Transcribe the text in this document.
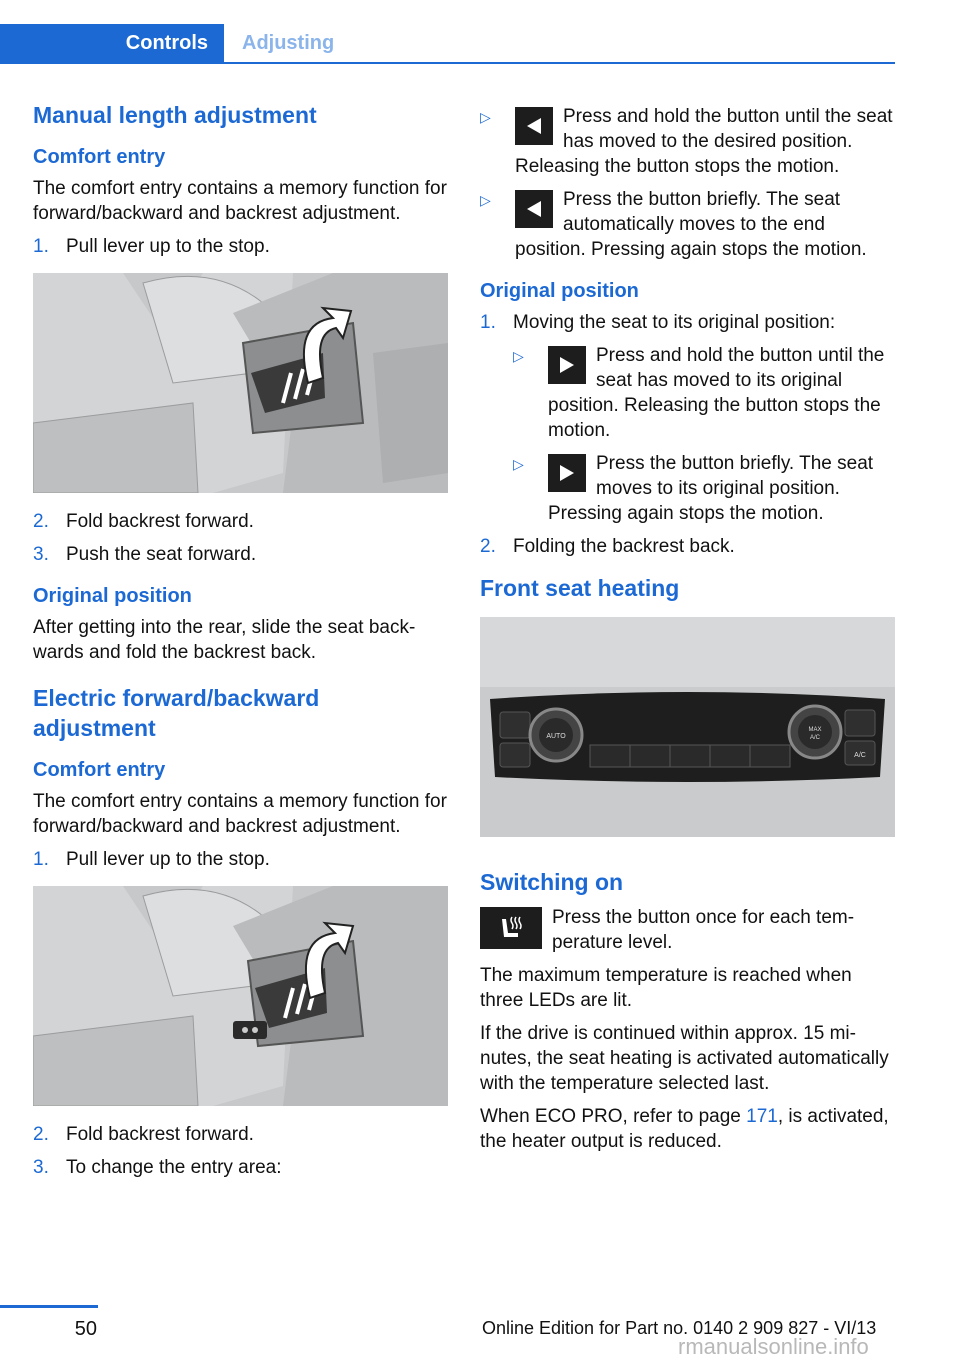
Controls	Adjusting
Manual length adjustment
Comfort entry

The comfort entry contains a memory function for forward/backward and backrest adjustment.

1. Pull lever up to the stop.
2. Fold backrest forward.
3. Push the seat forward.
Original position

After getting into the rear, slide the seat backwards and fold the backrest back.

Electric forward/backward adjustment
Comfort entry

The comfort entry contains a memory function for forward/backward and backrest adjustment.

1. Pull lever up to the stop.
2. Fold backrest forward.
3. To change the entry area:
▷	Press and hold the button until the seat has moved to the desired position. Releasing the button stops the motion.
▷	Press the button briefly. The seat automatically moves to the end position. Pressing again stops the motion.
Original position
1. Moving the seat to its original position:
▷	Press and hold the button until the seat has moved to its original position. Releasing the button stops the motion.
▷	Press the button briefly. The seat moves to its original position. Pressing again stops the motion.
2. Folding the backrest back.
Front seat heating
AUTO
MAX
A/C
A/C
Switching on
Press the button once for each temperature level.

The maximum temperature is reached when three LEDs are lit.

If the drive is continued within approx. 15 minutes, the seat heating is activated automatically with the temperature selected last.

When ECO PRO, refer to page 171, is activated, the heater output is reduced.

50	Online Edition for Part no. 0140 2 909 827 - VI/13
rmanualsonline.info
